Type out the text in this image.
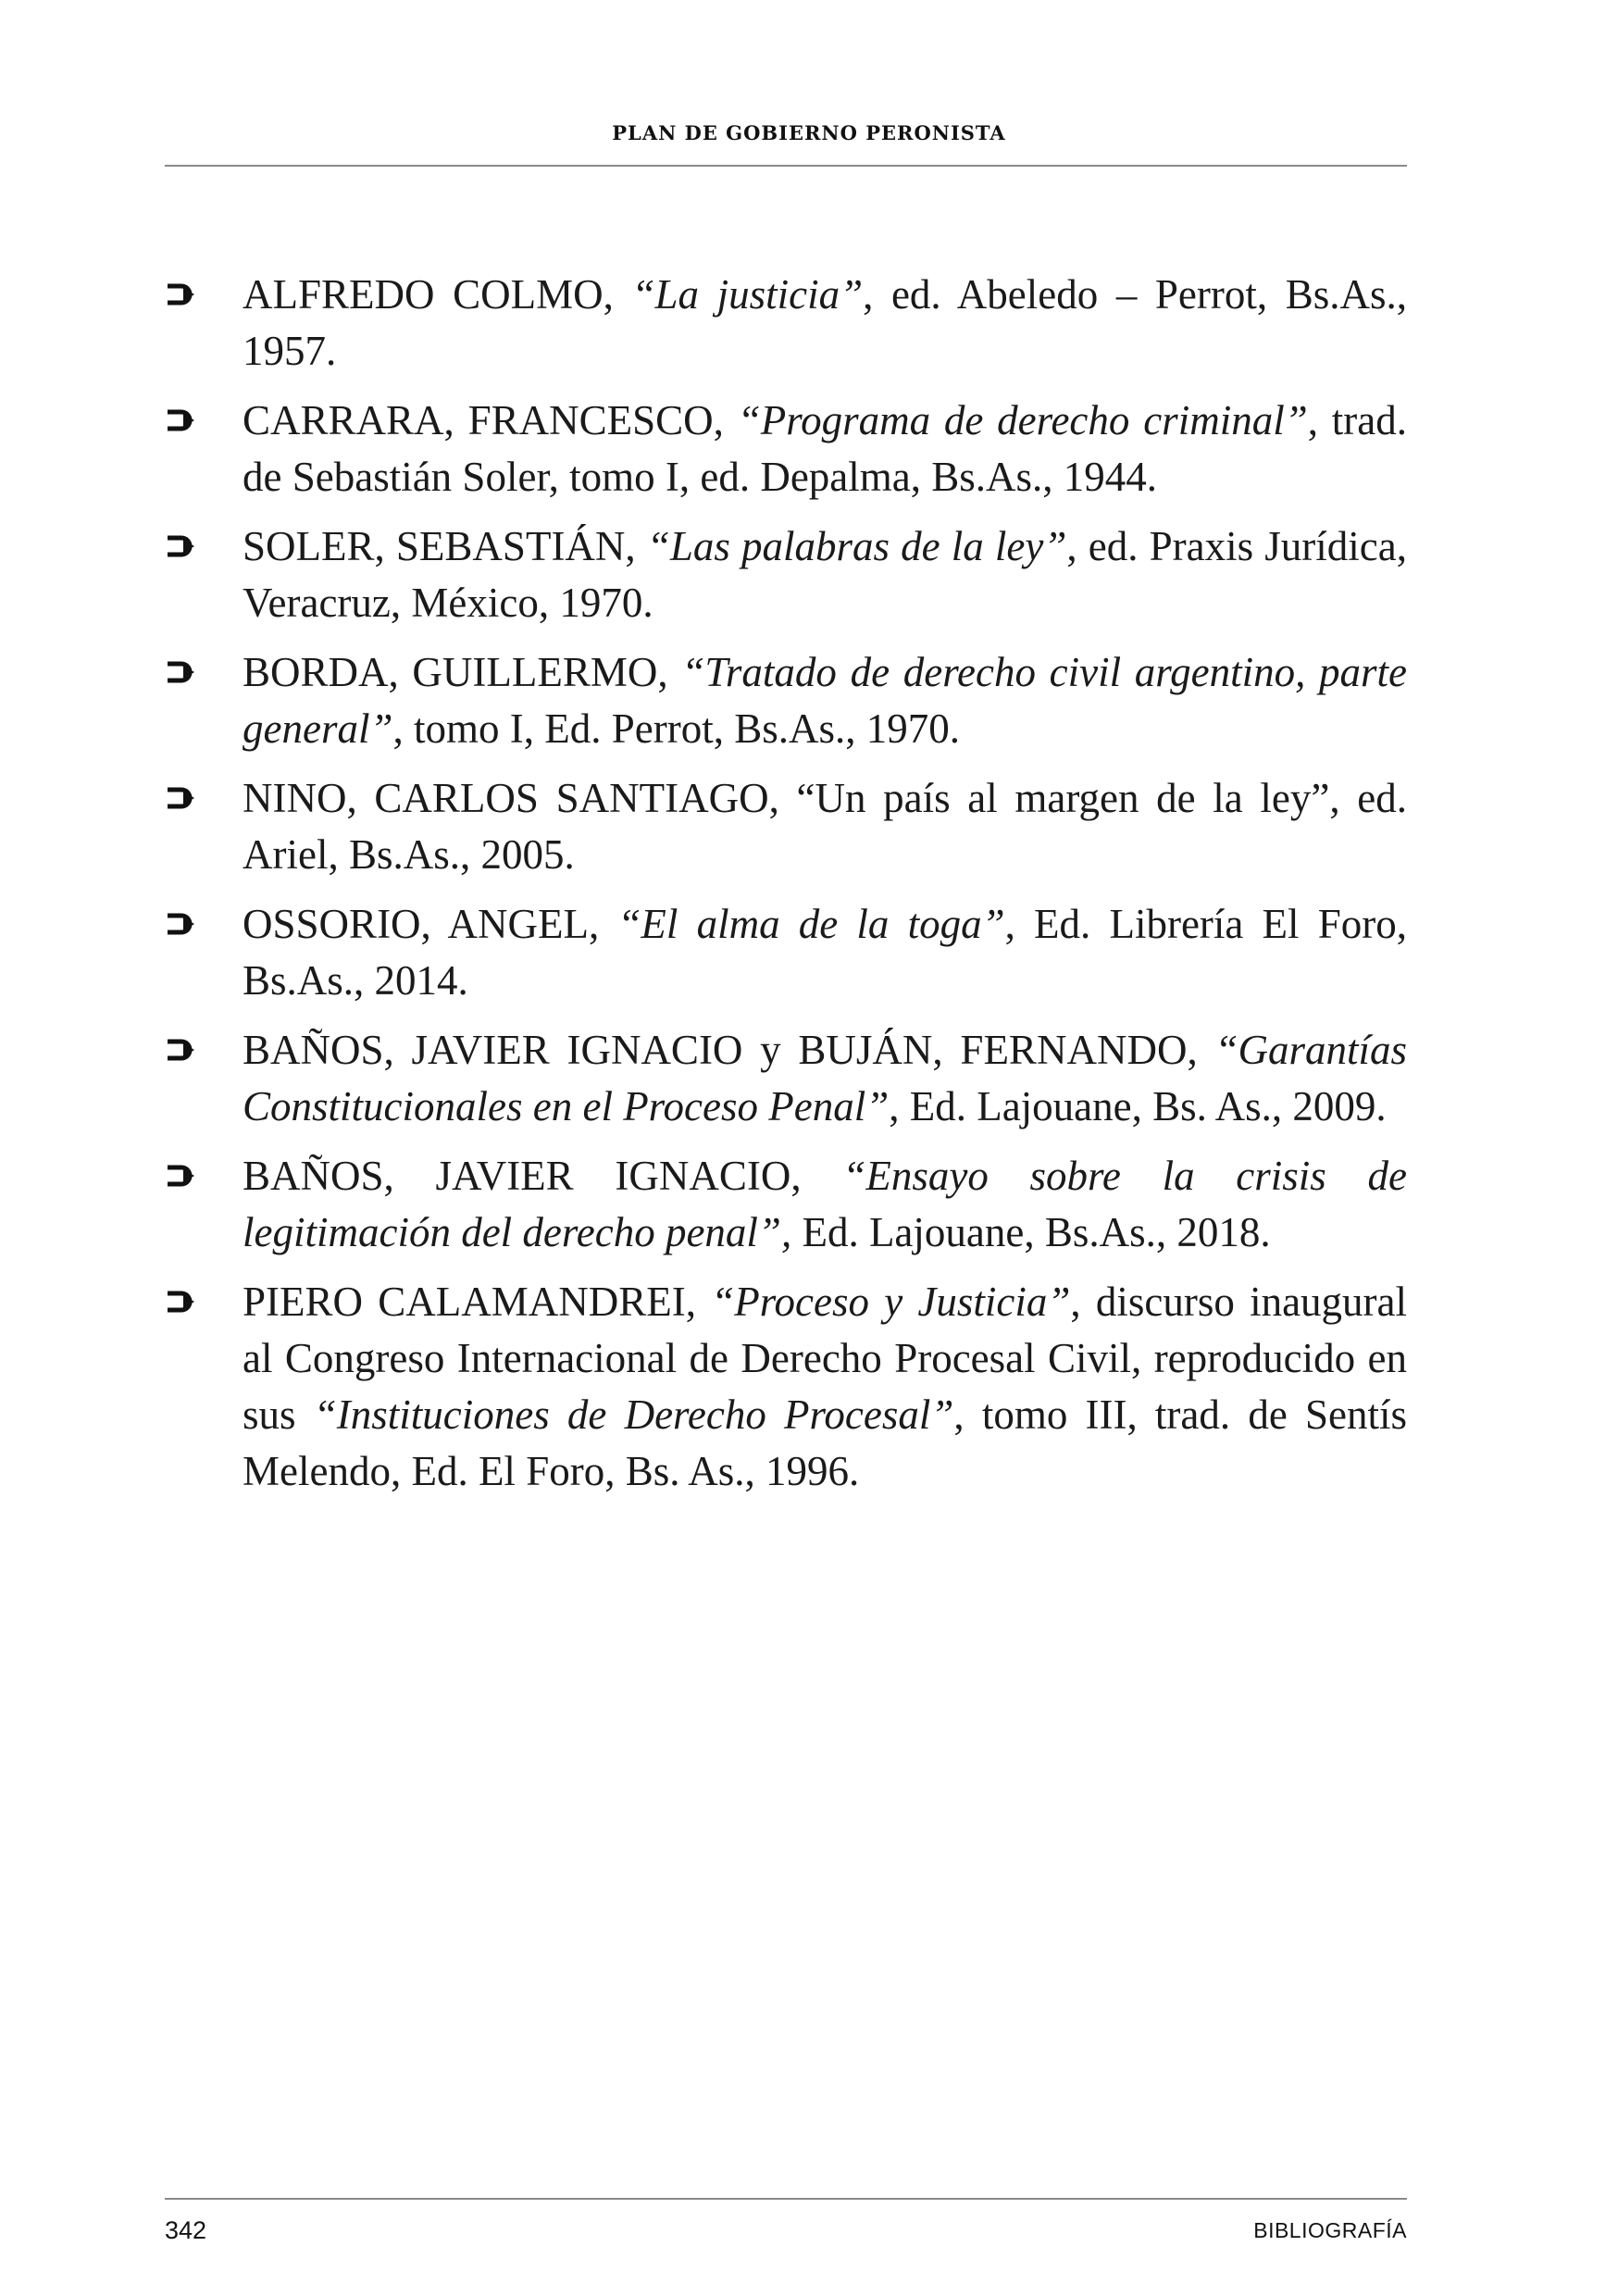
PLAN DE GOBIERNO PERONISTA
ALFREDO COLMO, “La justicia”, ed. Abeledo – Perrot, Bs.As., 1957.
CARRARA, FRANCESCO, “Programa de derecho criminal”, trad. de Sebastián Soler, tomo I, ed. Depalma, Bs.As., 1944.
SOLER, SEBASTIÁN, “Las palabras de la ley”, ed. Praxis Jurídica, Veracruz, México, 1970.
BORDA, GUILLERMO, “Tratado de derecho civil argentino, parte general”, tomo I, Ed. Perrot, Bs.As., 1970.
NINO, CARLOS SANTIAGO, “Un país al margen de la ley”, ed. Ariel, Bs.As., 2005.
OSSORIO, ANGEL, “El alma de la toga”, Ed. Librería El Foro, Bs.As., 2014.
BAÑOS, JAVIER IGNACIO y BUJÁN, FERNANDO, “Garantías Constitucionales en el Proceso Penal”, Ed. Lajouane, Bs. As., 2009.
BAÑOS, JAVIER IGNACIO, “Ensayo sobre la crisis de legitimación del derecho penal”, Ed. Lajouane, Bs.As., 2018.
PIERO CALAMANDREI, “Proceso y Justicia”, discurso inaugural al Congreso Internacional de Derecho Procesal Civil, reproducido en sus “Instituciones de Derecho Procesal”, tomo III, trad. de Sentís Melendo, Ed. El Foro, Bs. As., 1996.
342	BIBLIOGRAFÍA
